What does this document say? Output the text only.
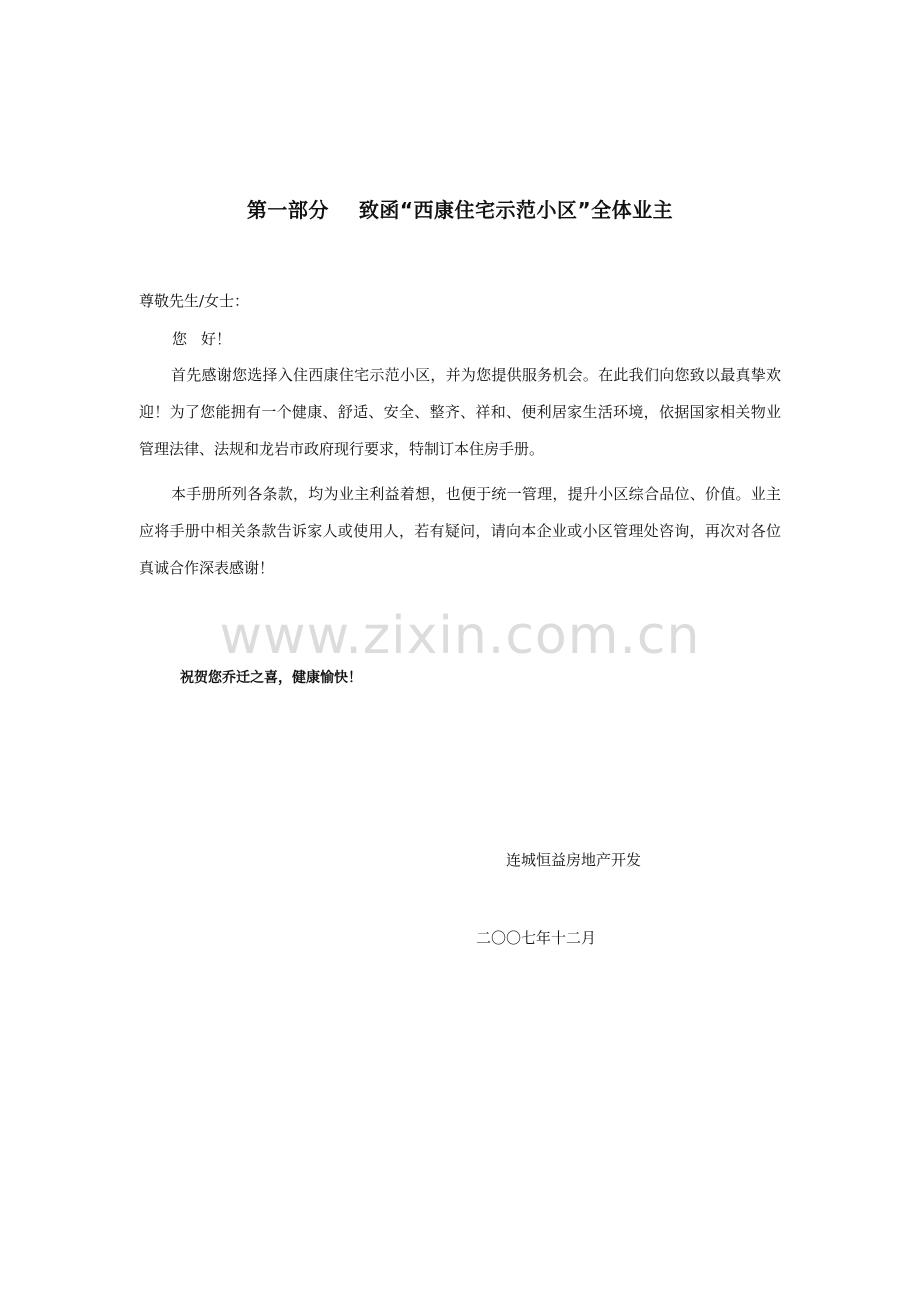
第一部分 致函“西康住宅示范小区”全体业主
尊敬先生/女士：
您 好！

首先感谢您选择入住西康住宅示范小区，并为您提供服务机会。在此我们向您致以最真挚欢迎！为了您能拥有一个健康、舒适、安全、整齐、祥和、便利居家生活环境，依据国家相关物业管理法律、法规和龙岩市政府现行要求，特制订本住房手册。

本手册所列各条款，均为业主利益着想，也便于统一管理，提升小区综合品位、价值。业主应将手册中相关条款告诉家人或使用人，若有疑问，请向本企业或小区管理处咨询，再次对各位真诚合作深表感谢！

www.zixin.com.cn
祝贺您乔迁之喜，健康愉快！
连城恒益房地产开发
二〇〇七年十二月
